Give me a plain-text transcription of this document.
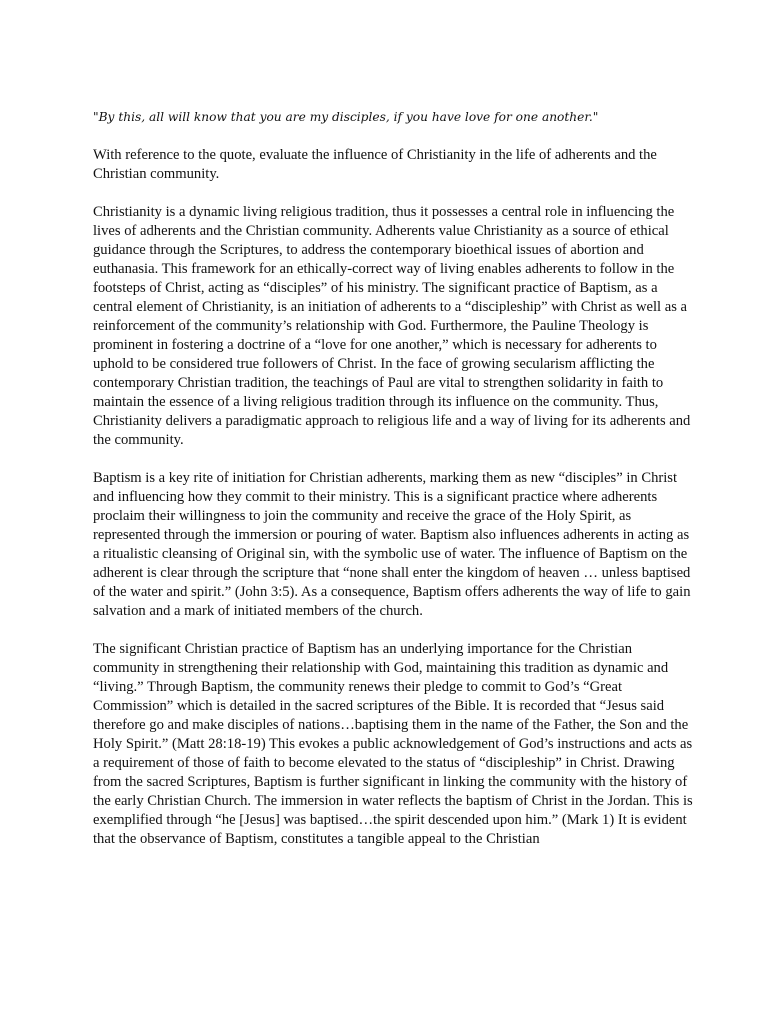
"By this, all will know that you are my disciples, if you have love for one another."

With reference to the quote, evaluate the influence of Christianity in the life of adherents and the Christian community.

Christianity is a dynamic living religious tradition, thus it possesses a central role in influencing the lives of adherents and the Christian community. Adherents value Christianity as a source of ethical guidance through the Scriptures, to address the contemporary bioethical issues of abortion and euthanasia. This framework for an ethically-correct way of living enables adherents to follow in the footsteps of Christ, acting as “disciples” of his ministry. The significant practice of Baptism, as a central element of Christianity, is an initiation of adherents to a “discipleship” with Christ as well as a reinforcement of the community’s relationship with God. Furthermore, the Pauline Theology is prominent in fostering a doctrine of a “love for one another,” which is necessary for adherents to uphold to be considered true followers of Christ. In the face of growing secularism afflicting the contemporary Christian tradition, the teachings of Paul are vital to strengthen solidarity in faith to maintain the essence of a living religious tradition through its influence on the community. Thus, Christianity delivers a paradigmatic approach to religious life and a way of living for its adherents and the community.

Baptism is a key rite of initiation for Christian adherents, marking them as new “disciples” in Christ and influencing how they commit to their ministry. This is a significant practice where adherents proclaim their willingness to join the community and receive the grace of the Holy Spirit, as represented through the immersion or pouring of water. Baptism also influences adherents in acting as a ritualistic cleansing of Original sin, with the symbolic use of water. The influence of Baptism on the adherent is clear through the scripture that “none shall enter the kingdom of heaven … unless baptised of the water and spirit.” (John 3:5). As a consequence, Baptism offers adherents the way of life to gain salvation and a mark of initiated members of the church.

The significant Christian practice of Baptism has an underlying importance for the Christian community in strengthening their relationship with God, maintaining this tradition as dynamic and “living.” Through Baptism, the community renews their pledge to commit to God’s “Great Commission” which is detailed in the sacred scriptures of the Bible. It is recorded that “Jesus said therefore go and make disciples of nations…baptising them in the name of the Father, the Son and the Holy Spirit.” (Matt 28:18-19) This evokes a public acknowledgement of God’s instructions and acts as a requirement of those of faith to become elevated to the status of “discipleship” in Christ. Drawing from the sacred Scriptures, Baptism is further significant in linking the community with the history of the early Christian Church. The immersion in water reflects the baptism of Christ in the Jordan. This is exemplified through “he [Jesus] was baptised…the spirit descended upon him.” (Mark 1) It is evident that the observance of Baptism, constitutes a tangible appeal to the Christian
